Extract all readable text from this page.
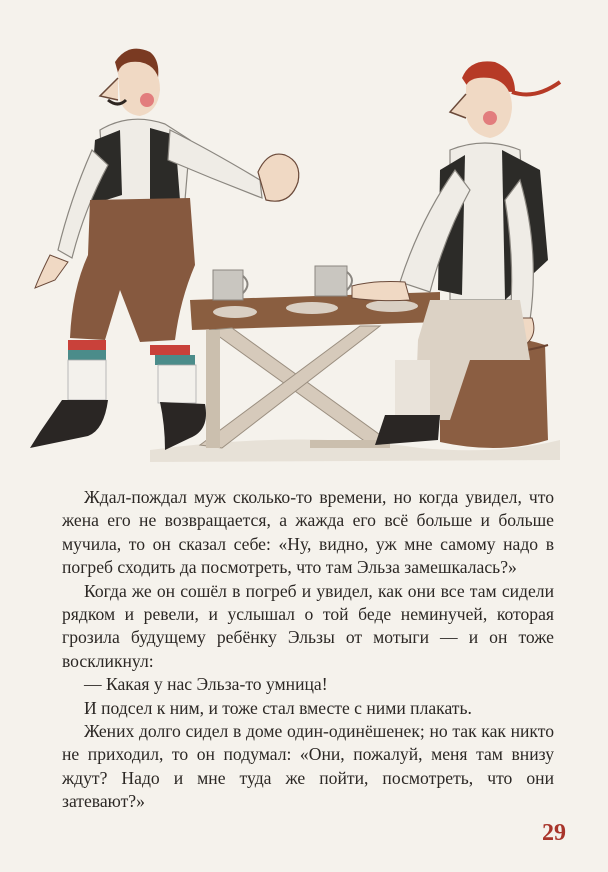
Ждал-пождал муж сколько-то времени, но когда увидел, что жена его не возвращается, а жажда его всё больше и больше мучила, то он сказал себе: «Ну, видно, уж мне самому надо в погреб сходить да посмотреть, что там Эльза замешкалась?»

Когда же он сошёл в погреб и увидел, как они все там сидели рядком и ревели, и услышал о той беде неминучей, которая грозила будущему ребёнку Эльзы от мотыги — и он тоже воскликнул:

— Какая у нас Эльза-то умница!

И подсел к ним, и тоже стал вместе с ними плакать.

Жених долго сидел в доме один-одинёшенек; но так как никто не приходил, то он подумал: «Они, пожалуй, меня там внизу ждут? Надо и мне туда же пойти, посмотреть, что они затевают?»

29
